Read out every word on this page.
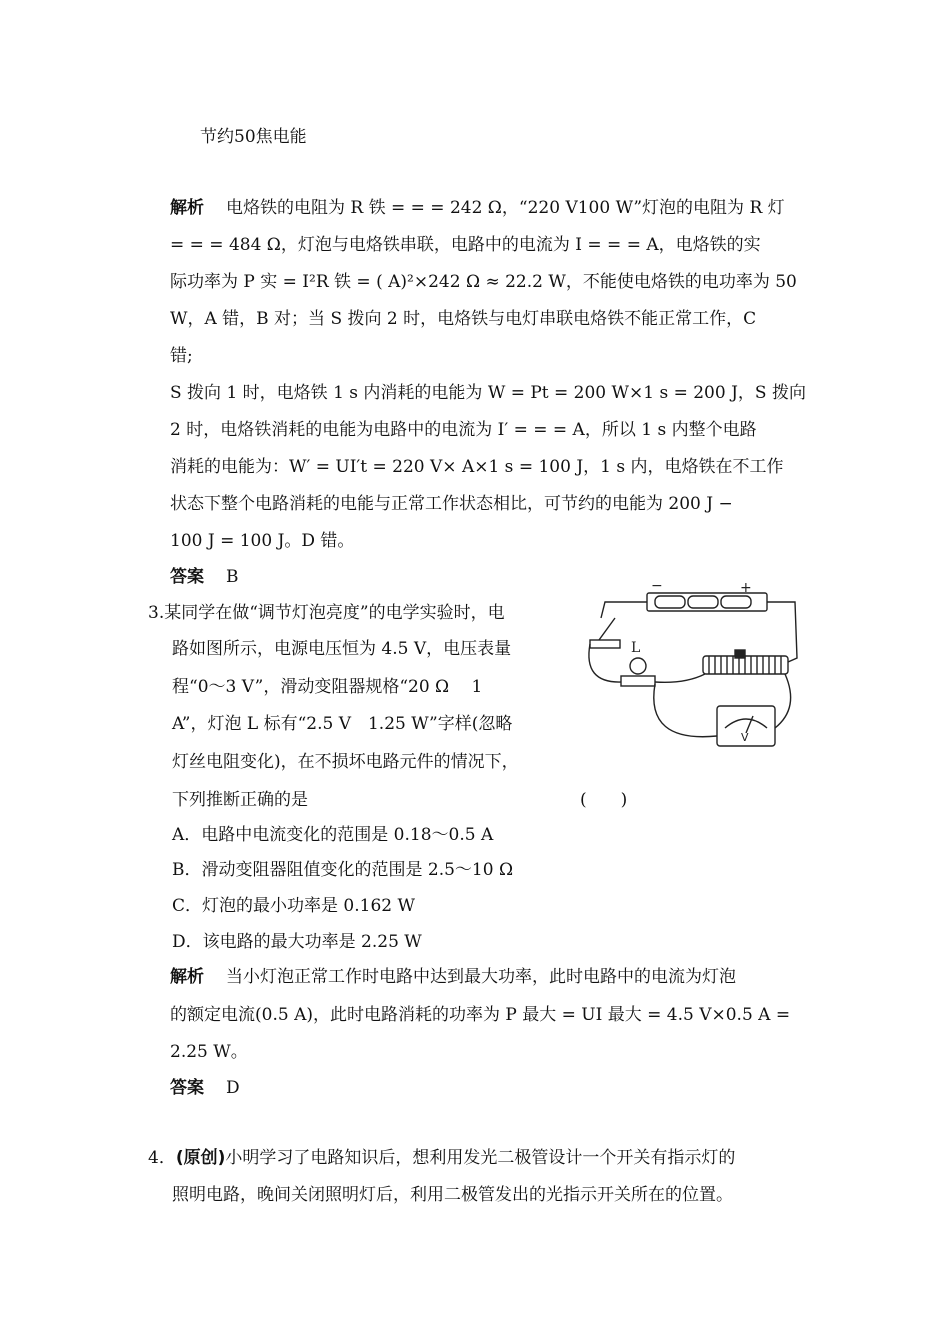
节约50焦电能
解析 电烙铁的电阻为 R 铁 = = = 242 Ω，“220 V100 W”灯泡的电阻为 R 灯
= = = 484 Ω，灯泡与电烙铁串联，电路中的电流为 I = = = A，电烙铁的实
际功率为 P 实 = I²R 铁 = ( A)²×242 Ω ≈ 22.2 W，不能使电烙铁的电功率为 50
W，A 错，B 对；当 S 拨向 2 时，电烙铁与电灯串联电烙铁不能正常工作，C
错;
S 拨向 1 时，电烙铁 1 s 内消耗的电能为 W = Pt = 200 W×1 s = 200 J，S 拨向
2 时，电烙铁消耗的电能为电路中的电流为 I′ = = = A，所以 1 s 内整个电路
消耗的电能为：W′ = UI′t = 220 V× A×1 s = 100 J，1 s 内，电烙铁在不工作
状态下整个电路消耗的电能与正常工作状态相比，可节约的电能为 200 J −
100 J = 100 J。D 错。
答案 B
3.某同学在做“调节灯泡亮度”的电学实验时，电
路如图所示，电源电压恒为 4.5 V，电压表量
程“0～3 V”，滑动变阻器规格“20 Ω　 1
A”，灯泡 L 标有“2.5 V　1.25 W”字样(忽略
灯丝电阻变化)，在不损坏电路元件的情况下，
下列推断正确的是	(　　)
−	+
L
V
A．电路中电流变化的范围是 0.18～0.5 A
B．滑动变阻器阻值变化的范围是 2.5～10 Ω
C．灯泡的最小功率是 0.162 W
D．该电路的最大功率是 2.25 W
解析 当小灯泡正常工作时电路中达到最大功率，此时电路中的电流为灯泡
的额定电流(0.5 A)，此时电路消耗的功率为 P 最大 = UI 最大 = 4.5 V×0.5 A =
2.25 W。
答案 D
4．(原创)小明学习了电路知识后，想利用发光二极管设计一个开关有指示灯的
照明电路，晚间关闭照明灯后，利用二极管发出的光指示开关所在的位置。
